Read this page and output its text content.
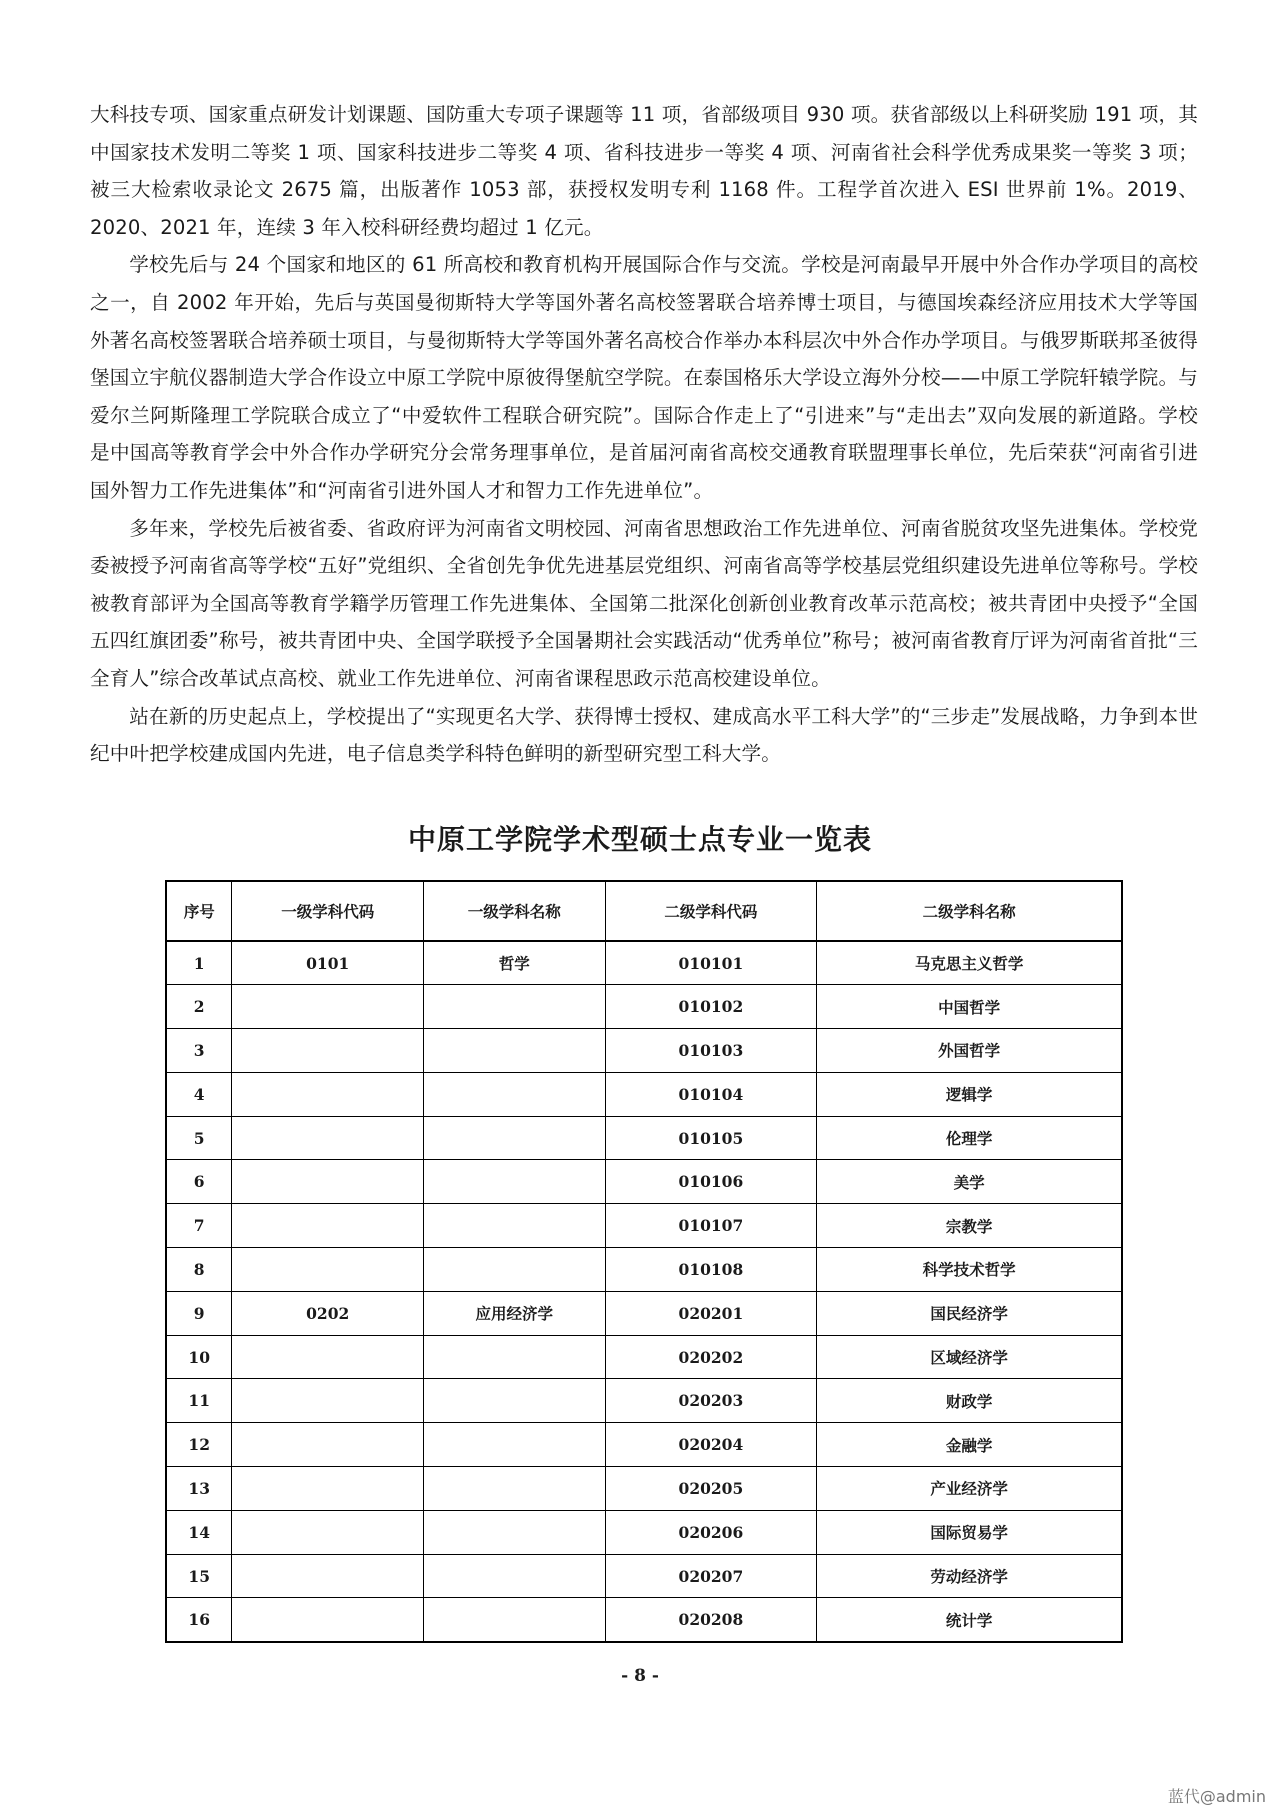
大科技专项、国家重点研发计划课题、国防重大专项子课题等 11 项，省部级项目 930 项。获省部级以上科研奖励 191 项，其中国家技术发明二等奖 1 项、国家科技进步二等奖 4 项、省科技进步一等奖 4 项、河南省社会科学优秀成果奖一等奖 3 项；被三大检索收录论文 2675 篇，出版著作 1053 部，获授权发明专利 1168 件。工程学首次进入 ESI 世界前 1%。2019、2020、2021 年，连续 3 年入校科研经费均超过 1 亿元。

学校先后与 24 个国家和地区的 61 所高校和教育机构开展国际合作与交流。学校是河南最早开展中外合作办学项目的高校之一，自 2002 年开始，先后与英国曼彻斯特大学等国外著名高校签署联合培养博士项目，与德国埃森经济应用技术大学等国外著名高校签署联合培养硕士项目，与曼彻斯特大学等国外著名高校合作举办本科层次中外合作办学项目。与俄罗斯联邦圣彼得堡国立宇航仪器制造大学合作设立中原工学院中原彼得堡航空学院。在泰国格乐大学设立海外分校——中原工学院轩辕学院。与爱尔兰阿斯隆理工学院联合成立了“中爱软件工程联合研究院”。国际合作走上了“引进来”与“走出去”双向发展的新道路。学校是中国高等教育学会中外合作办学研究分会常务理事单位，是首届河南省高校交通教育联盟理事长单位，先后荣获“河南省引进国外智力工作先进集体”和“河南省引进外国人才和智力工作先进单位”。

多年来，学校先后被省委、省政府评为河南省文明校园、河南省思想政治工作先进单位、河南省脱贫攻坚先进集体。学校党委被授予河南省高等学校“五好”党组织、全省创先争优先进基层党组织、河南省高等学校基层党组织建设先进单位等称号。学校被教育部评为全国高等教育学籍学历管理工作先进集体、全国第二批深化创新创业教育改革示范高校；被共青团中央授予“全国五四红旗团委”称号，被共青团中央、全国学联授予全国暑期社会实践活动“优秀单位”称号；被河南省教育厅评为河南省首批“三全育人”综合改革试点高校、就业工作先进单位、河南省课程思政示范高校建设单位。

站在新的历史起点上，学校提出了“实现更名大学、获得博士授权、建成高水平工科大学”的“三步走”发展战略，力争到本世纪中叶把学校建成国内先进，电子信息类学科特色鲜明的新型研究型工科大学。

中原工学院学术型硕士点专业一览表
序号	一级学科代码	一级学科名称	二级学科代码	二级学科名称
1	0101	哲学	010101	马克思主义哲学
2			010102	中国哲学
3			010103	外国哲学
4			010104	逻辑学
5			010105	伦理学
6			010106	美学
7			010107	宗教学
8			010108	科学技术哲学
9	0202	应用经济学	020201	国民经济学
10			020202	区域经济学
11			020203	财政学
12			020204	金融学
13			020205	产业经济学
14			020206	国际贸易学
15			020207	劳动经济学
16			020208	统计学
- 8 -
蓝代@admin
